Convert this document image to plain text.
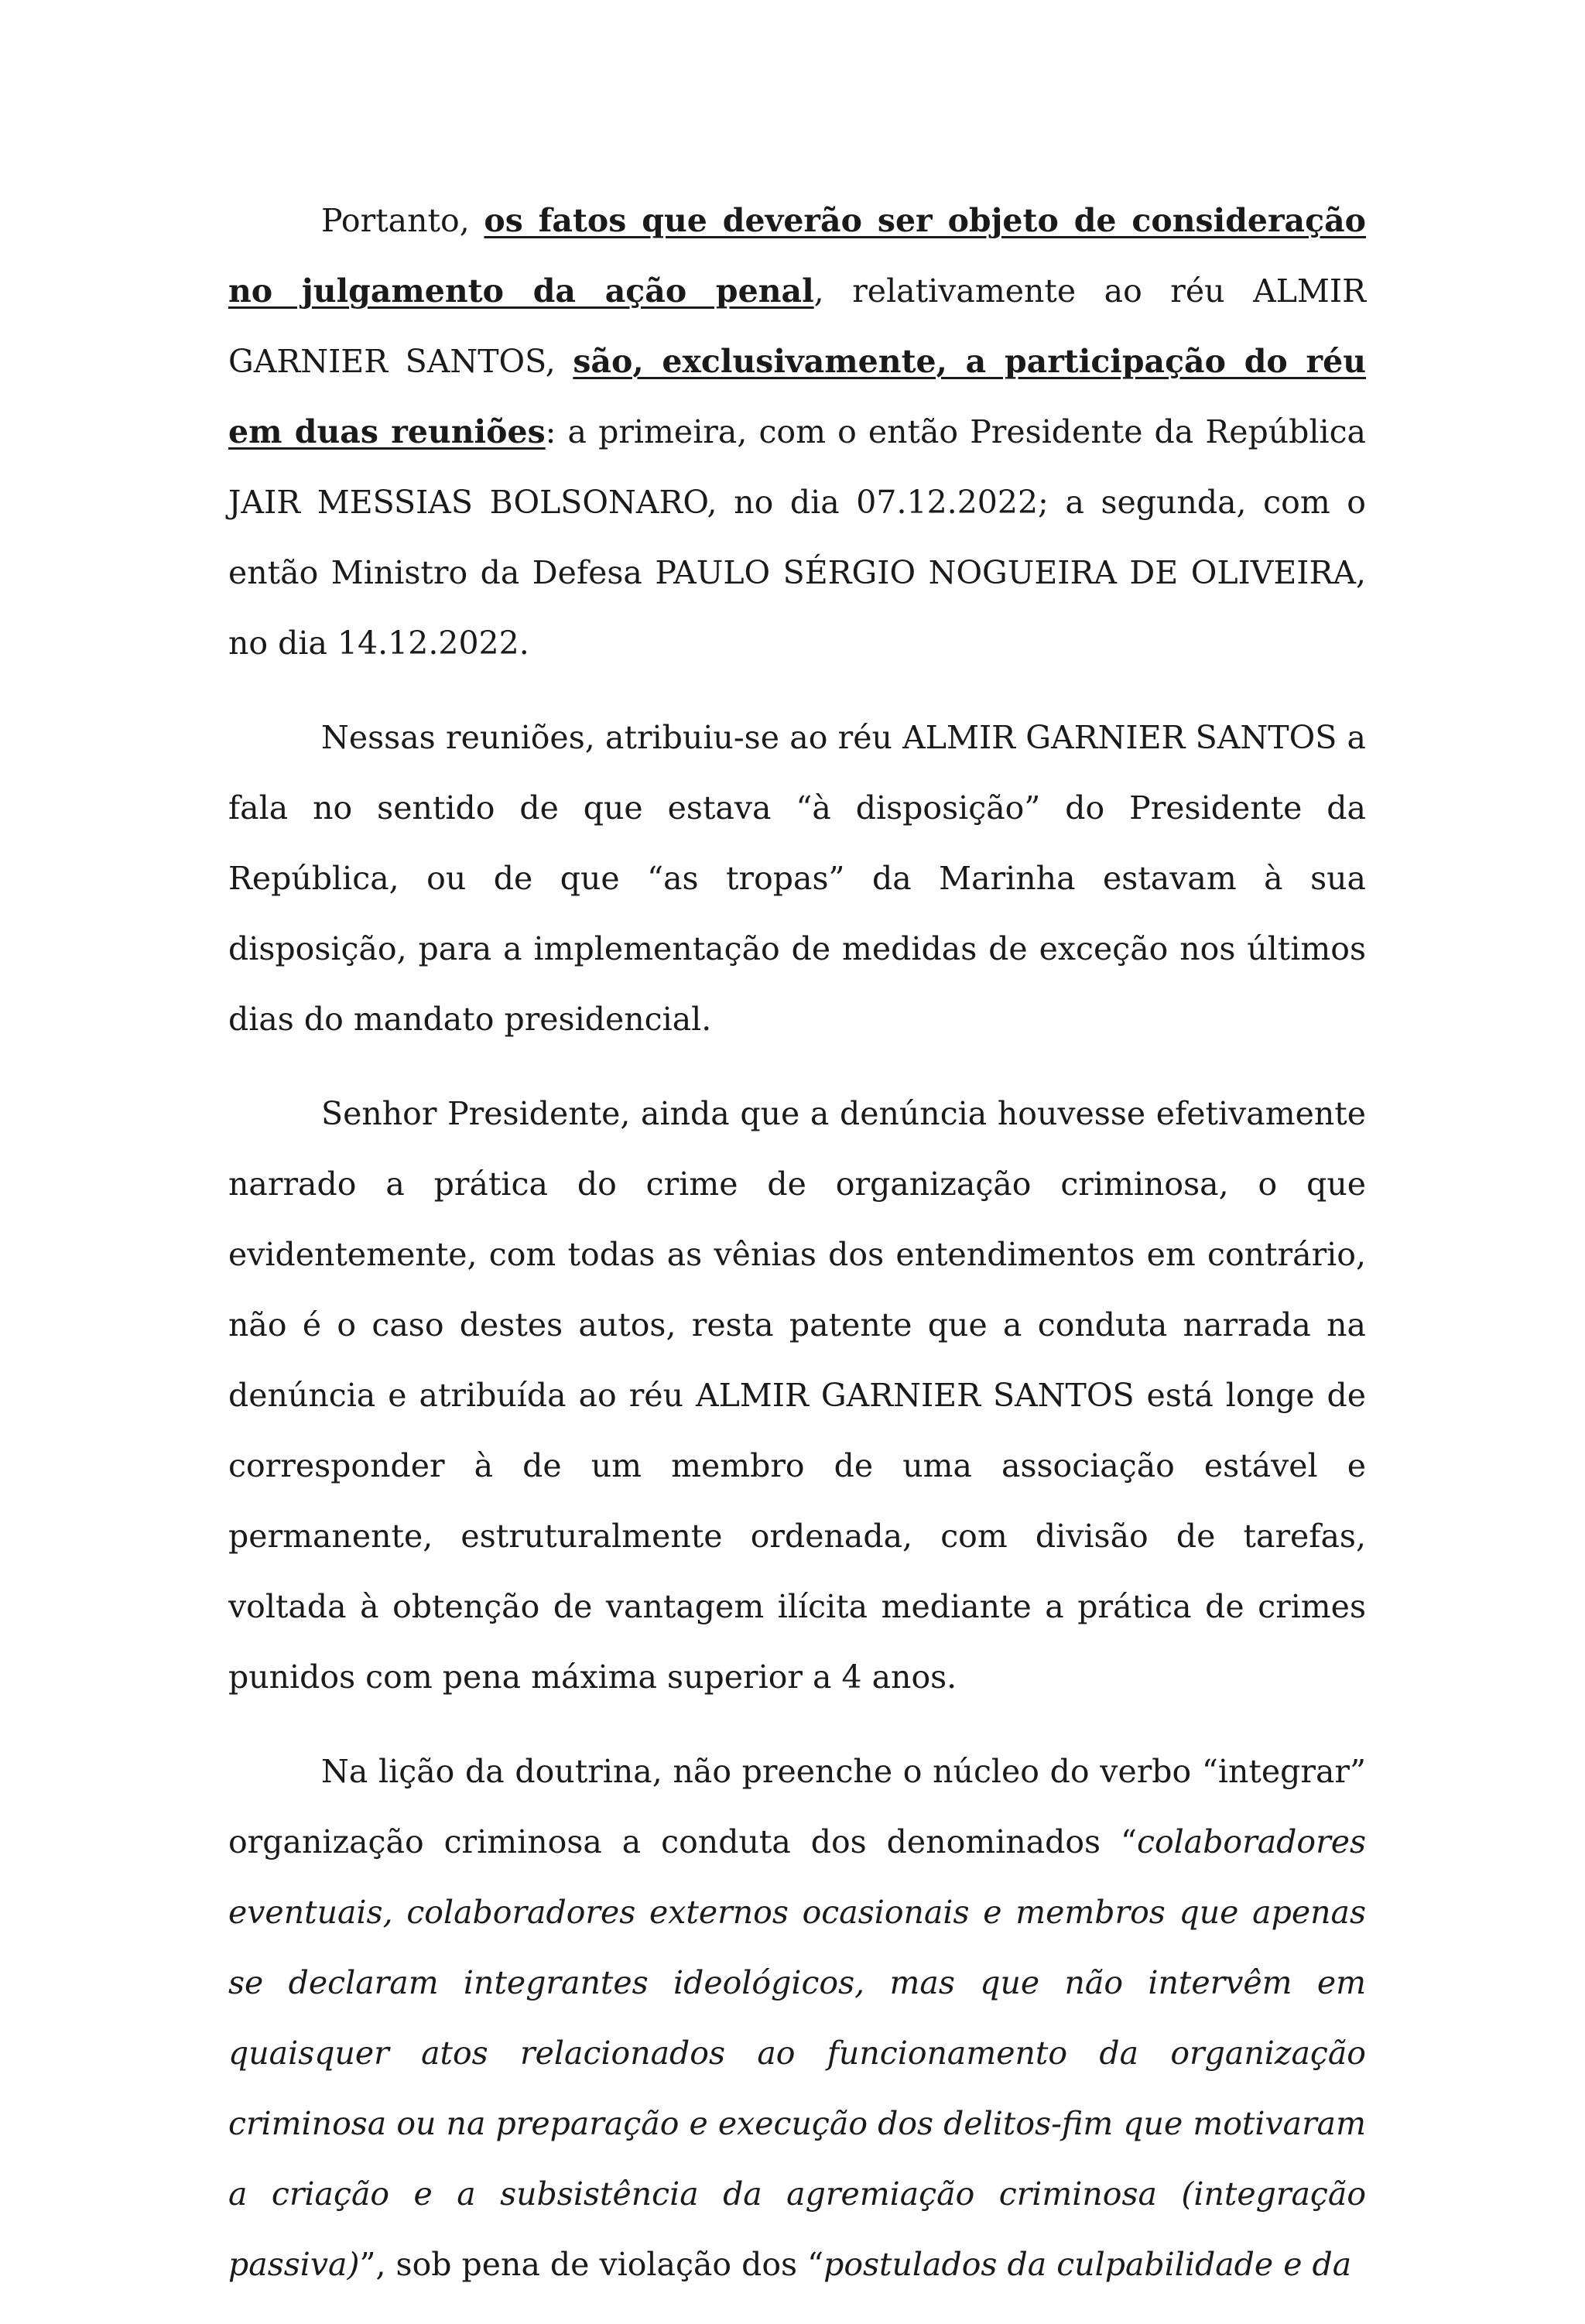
Portanto, os fatos que deverão ser objeto de consideração no julgamento da ação penal, relativamente ao réu ALMIR GARNIER SANTOS, são, exclusivamente, a participação do réu em duas reuniões: a primeira, com o então Presidente da República JAIR MESSIAS BOLSONARO, no dia 07.12.2022; a segunda, com o então Ministro da Defesa PAULO SÉRGIO NOGUEIRA DE OLIVEIRA, no dia 14.12.2022.

Nessas reuniões, atribuiu-se ao réu ALMIR GARNIER SANTOS a fala no sentido de que estava “à disposição” do Presidente da República, ou de que “as tropas” da Marinha estavam à sua disposição, para a implementação de medidas de exceção nos últimos dias do mandato presidencial.

Senhor Presidente, ainda que a denúncia houvesse efetivamente narrado a prática do crime de organização criminosa, o que evidentemente, com todas as vênias dos entendimentos em contrário, não é o caso destes autos, resta patente que a conduta narrada na denúncia e atribuída ao réu ALMIR GARNIER SANTOS está longe de corresponder à de um membro de uma associação estável e permanente, estruturalmente ordenada, com divisão de tarefas, voltada à obtenção de vantagem ilícita mediante a prática de crimes punidos com pena máxima superior a 4 anos.

Na lição da doutrina, não preenche o núcleo do verbo “integrar” organização criminosa a conduta dos denominados “colaboradores eventuais, colaboradores externos ocasionais e membros que apenas se declaram integrantes ideológicos, mas que não intervêm em quaisquer atos relacionados ao funcionamento da organização criminosa ou na preparação e execução dos delitos-fim que motivaram a criação e a subsistência da agremiação criminosa (integração passiva)”, sob pena de violação dos “postulados da culpabilidade e da
